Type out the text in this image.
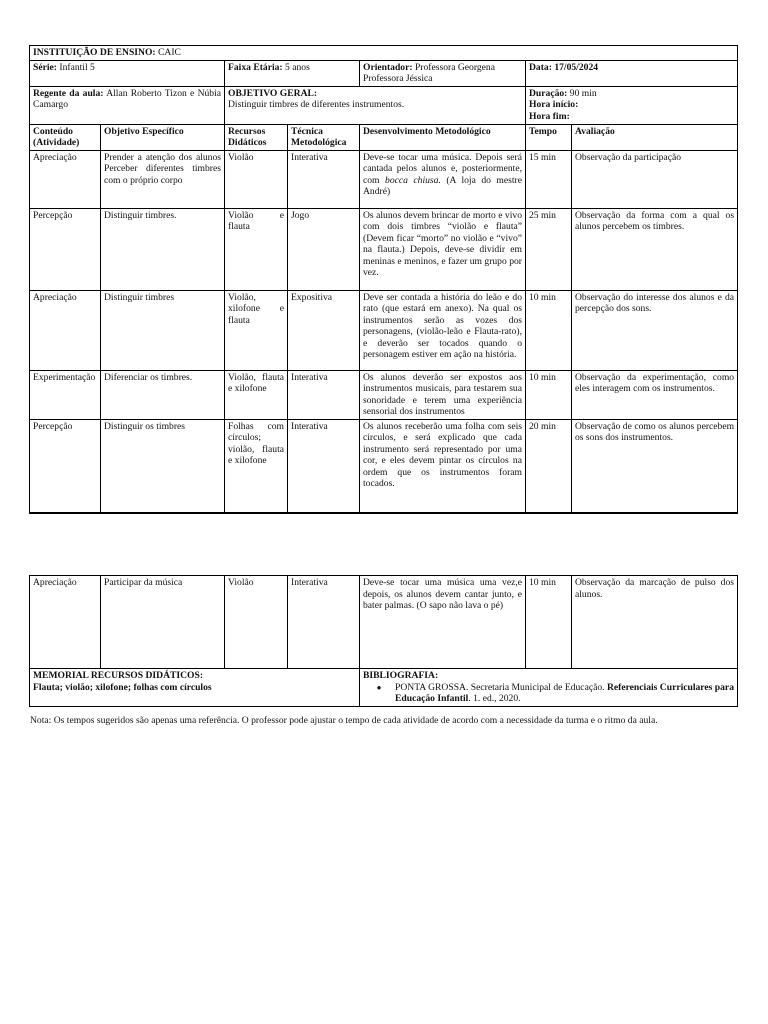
INSTITUIÇÃO DE ENSINO: CAIC						
Série: Infantil 5		Faixa Etária: 5 anos		Orientador: Professora Georgena
Professora Jéssica	Data: 17/05/2024	
Regente da aula: Allan Roberto Tizon e Núbia Camargo		OBJETIVO GERAL:
Distinguir timbres de diferentes instrumentos.			Duração: 90 min
Hora início:
Hora fim:	
Conteúdo (Atividade)	Objetivo Específico	Recursos Didáticos	Técnica Metodológica	Desenvolvimento Metodológico	Tempo	Avaliação
Apreciação	Prender a atenção dos alunos Perceber diferentes timbres com o próprio corpo	Violão	Interativa	Deve-se tocar uma música. Depois será cantada pelos alunos e, posteriormente, com bocca chiusa. (A loja do mestre André)	15 min	Observação da participação
Percepção	Distinguir timbres.	Violão e flauta	Jogo	Os alunos devem brincar de morto e vivo com dois timbres “violão e flauta” (Devem ficar “morto” no violão e “vivo” na flauta.) Depois, deve-se dividir em meninas e meninos, e fazer um grupo por vez.	25 min	Observação da forma com a qual os alunos percebem os timbres.
Apreciação	Distinguir timbres	Violão, xilofone e flauta	Expositiva	Deve ser contada a história do leão e do rato (que estará em anexo). Na qual os instrumentos serão as vozes dos personagens, (violão-leão e Flauta-rato), e deverão ser tocados quando o personagem estiver em ação na história.	10 min	Observação do interesse dos alunos e da percepção dos sons.
Experimentação	Diferenciar os timbres.	Violão, flauta e xilofone	Interativa	Os alunos deverão ser expostos aos instrumentos musicais, para testarem sua sonoridade e terem uma experiência sensorial dos instrumentos	10 min	Observação da experimentação, como eles interagem com os instrumentos.
Percepção	Distinguir os timbres	Folhas com círculos; violão, flauta e xilofone	Interativa	Os alunos receberão uma folha com seis círculos, e será explicado que cada instrumento será representado por uma cor, e eles devem pintar os círculos na ordem que os instrumentos foram tocados.	20 min	Observação de como os alunos percebem os sons dos instrumentos.
Apreciação	Participar da música	Violão	Interativa	Deve-se tocar uma música uma vez,e depois, os alunos devem cantar junto, e bater palmas. (O sapo não lava o pé)	10 min	Observação da marcação de pulso dos alunos.
MEMORIAL RECURSOS DIDÁTICOS:
Flauta; violão; xilofone; folhas com círculos				BIBLIOGRAFIA:
● PONTA GROSSA. Secretaria Municipal de Educação. Referenciais Curriculares para Educação Infantil. 1. ed., 2020.		
Nota: Os tempos sugeridos são apenas uma referência. O professor pode ajustar o tempo de cada atividade de acordo com a necessidade da turma e o ritmo da aula.
